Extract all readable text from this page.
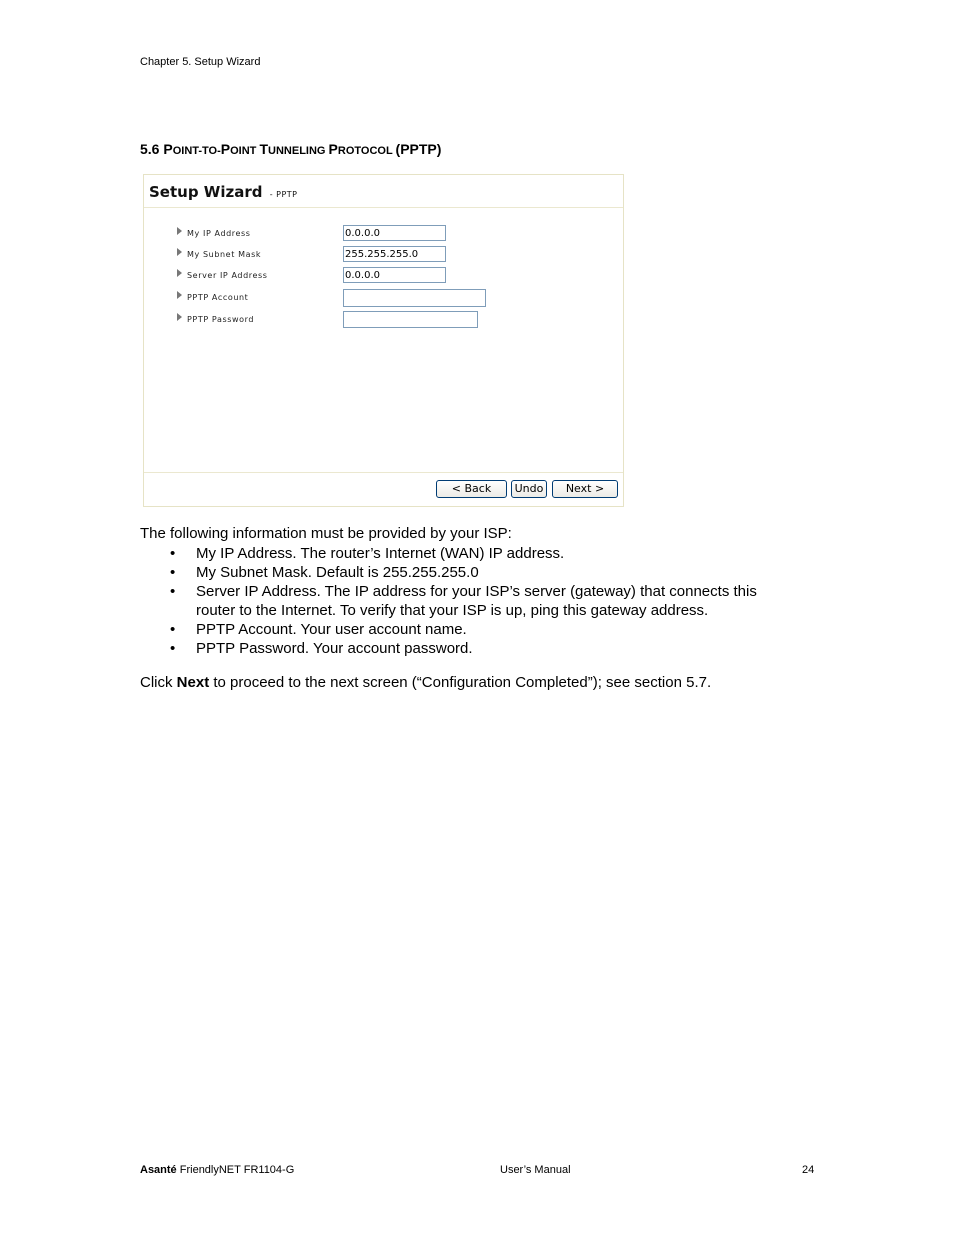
Chapter 5. Setup Wizard
5.6 POINT-TO-POINT TUNNELING PROTOCOL (PPTP)
Setup Wizard - PPTP
My IP Address	0.0.0.0
My Subnet Mask	255.255.255.0
Server IP Address	0.0.0.0
PPTP Account
PPTP Password
< Back	Undo	Next >
The following information must be provided by your ISP:
• My IP Address. The router’s Internet (WAN) IP address.
• My Subnet Mask. Default is 255.255.255.0
• Server IP Address. The IP address for your ISP’s server (gateway) that connects this
router to the Internet. To verify that your ISP is up, ping this gateway address.
• PPTP Account. Your user account name.
• PPTP Password. Your account password.
Click Next to proceed to the next screen (“Configuration Completed”); see section 5.7.
Asanté FriendlyNET FR1104-G	User’s Manual	24
